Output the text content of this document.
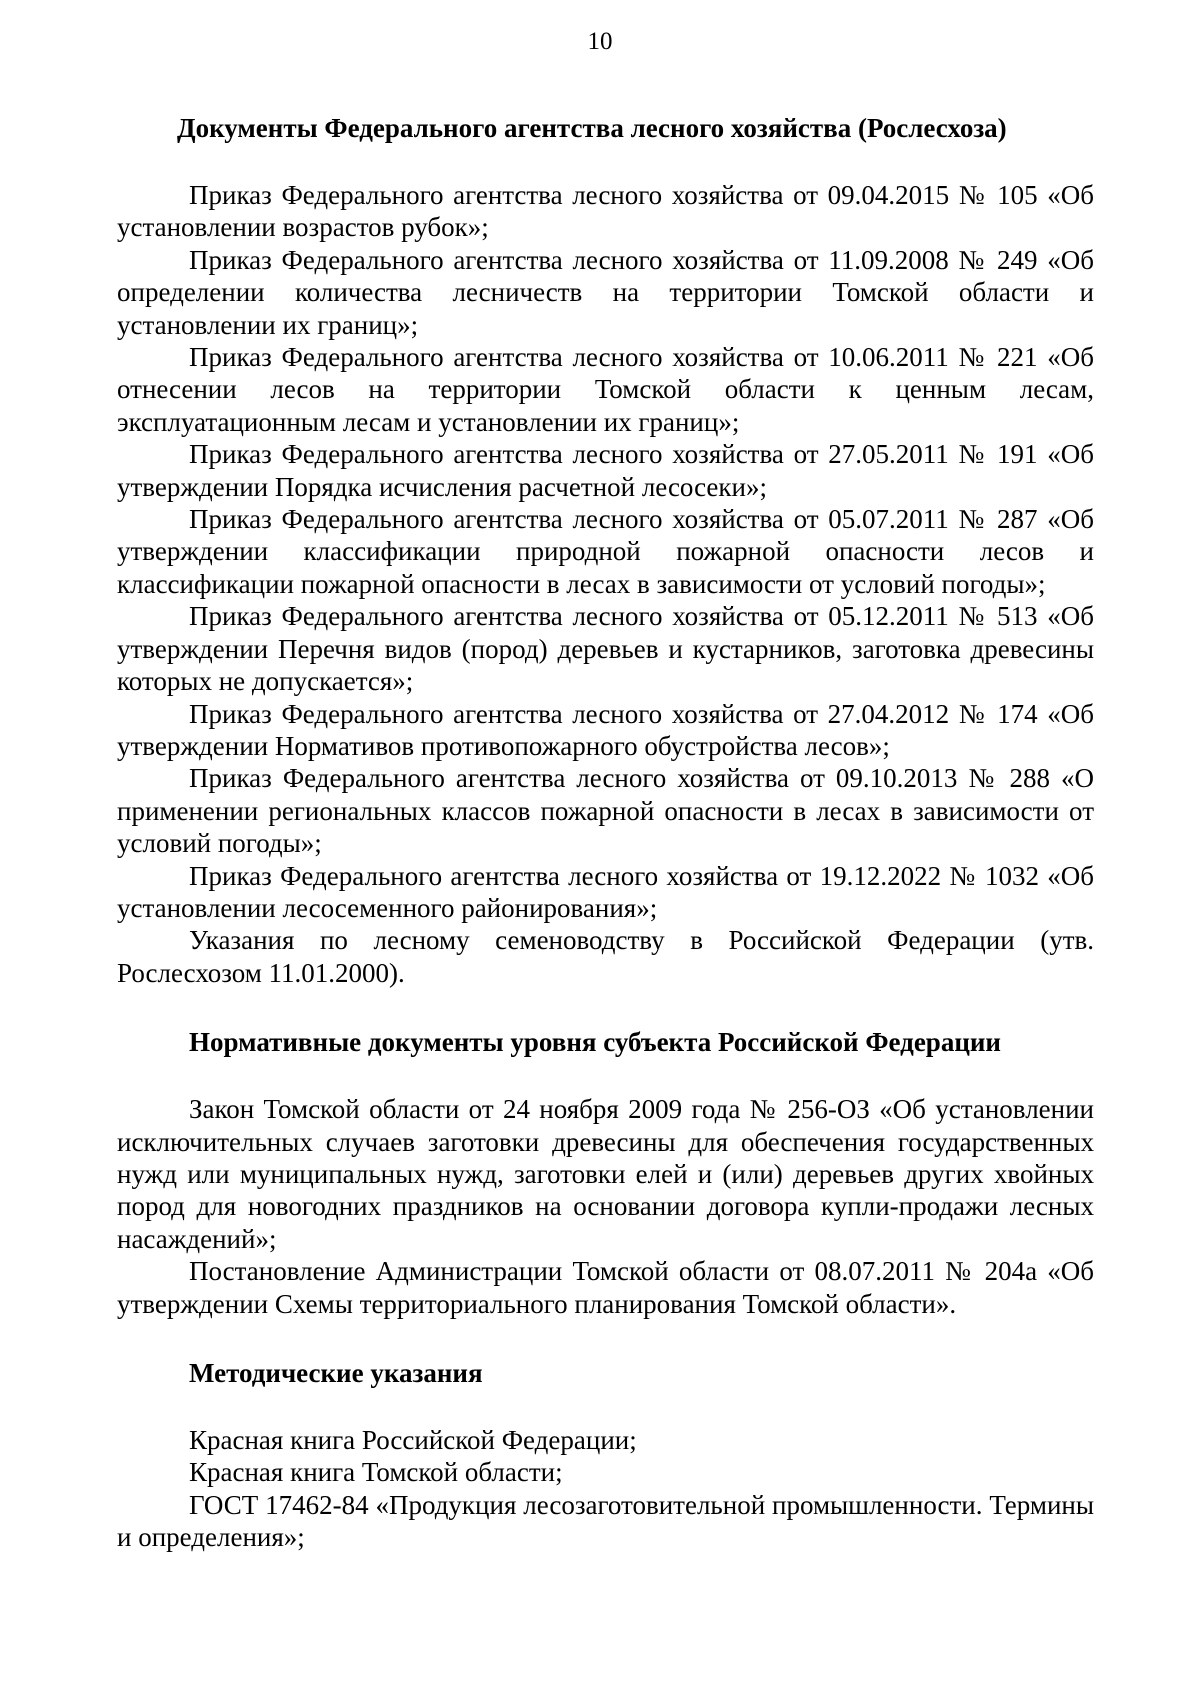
10
Документы Федерального агентства лесного хозяйства (Рослесхоза)

Приказ Федерального агентства лесного хозяйства от 09.04.2015 № 105 «Об установлении возрастов рубок»;

Приказ Федерального агентства лесного хозяйства от 11.09.2008 № 249 «Об определении количества лесничеств на территории Томской области и установлении их границ»;

Приказ Федерального агентства лесного хозяйства от 10.06.2011 № 221 «Об отнесении лесов на территории Томской области к ценным лесам, эксплуатационным лесам и установлении их границ»;

Приказ Федерального агентства лесного хозяйства от 27.05.2011 № 191 «Об утверждении Порядка исчисления расчетной лесосеки»;

Приказ Федерального агентства лесного хозяйства от 05.07.2011 № 287 «Об утверждении классификации природной пожарной опасности лесов и классификации пожарной опасности в лесах в зависимости от условий погоды»;

Приказ Федерального агентства лесного хозяйства от 05.12.2011 № 513 «Об утверждении Перечня видов (пород) деревьев и кустарников, заготовка древесины которых не допускается»;

Приказ Федерального агентства лесного хозяйства от 27.04.2012 № 174 «Об утверждении Нормативов противопожарного обустройства лесов»;

Приказ Федерального агентства лесного хозяйства от 09.10.2013 № 288 «О применении региональных классов пожарной опасности в лесах в зависимости от условий погоды»;

Приказ Федерального агентства лесного хозяйства от 19.12.2022 № 1032 «Об установлении лесосеменного районирования»;

Указания по лесному семеноводству в Российской Федерации (утв. Рослесхозом 11.01.2000).

Нормативные документы уровня субъекта Российской Федерации

Закон Томской области от 24 ноября 2009 года № 256-ОЗ «Об установлении исключительных случаев заготовки древесины для обеспечения государственных нужд или муниципальных нужд, заготовки елей и (или) деревьев других хвойных пород для новогодних праздников на основании договора купли-продажи лесных насаждений»;

Постановление Администрации Томской области от 08.07.2011 № 204а «Об утверждении Схемы территориального планирования Томской области».

Методические указания

Красная книга Российской Федерации;

Красная книга Томской области;

ГОСТ 17462-84 «Продукция лесозаготовительной промышленности. Термины и определения»;
